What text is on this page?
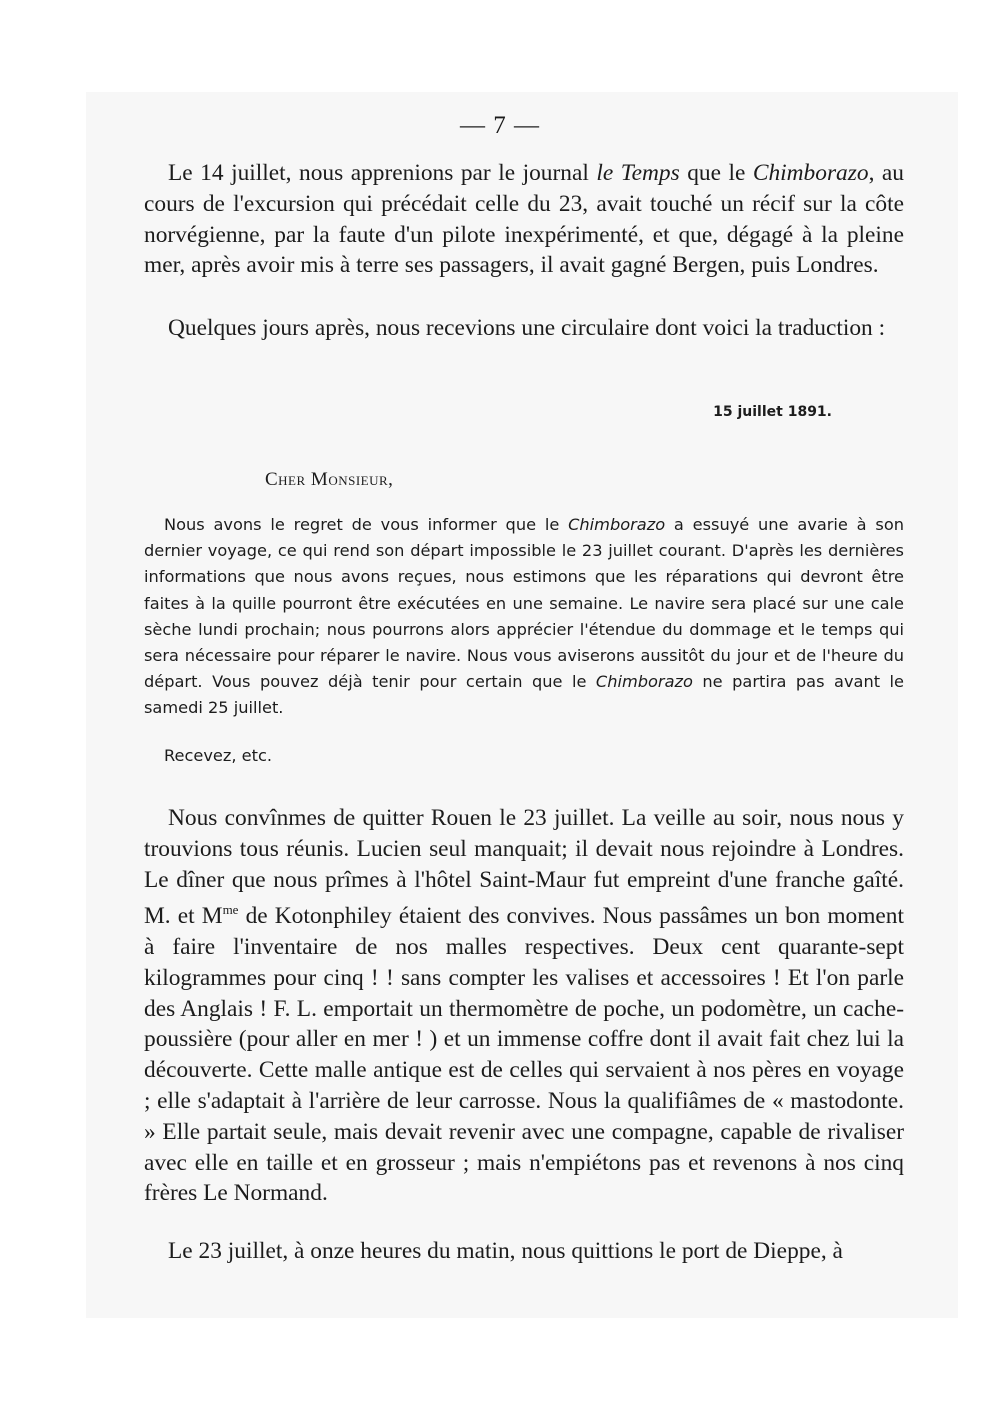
— 7 —

Le 14 juillet, nous apprenions par le journal le Temps que le Chimborazo, au cours de l'excursion qui précédait celle du 23, avait touché un récif sur la côte norvégienne, par la faute d'un pilote inexpérimenté, et que, dégagé à la pleine mer, après avoir mis à terre ses passagers, il avait gagné Bergen, puis Londres.

Quelques jours après, nous recevions une circulaire dont voici la traduction :

15 juillet 1891.
Cher Monsieur,

Nous avons le regret de vous informer que le Chimborazo a essuyé une avarie à son dernier voyage, ce qui rend son départ impossible le 23 juillet courant. D'après les dernières informations que nous avons reçues, nous estimons que les réparations qui devront être faites à la quille pourront être exécutées en une semaine. Le navire sera placé sur une cale sèche lundi prochain; nous pourrons alors apprécier l'étendue du dommage et le temps qui sera nécessaire pour réparer le navire. Nous vous aviserons aussitôt du jour et de l'heure du départ. Vous pouvez déjà tenir pour certain que le Chimborazo ne partira pas avant le samedi 25 juillet.

Recevez, etc.

Nous convînmes de quitter Rouen le 23 juillet. La veille au soir, nous nous y trouvions tous réunis. Lucien seul manquait; il devait nous rejoindre à Londres. Le dîner que nous prîmes à l'hôtel Saint-Maur fut empreint d'une franche gaîté. M. et $M^{me}$ de Kotonphiley étaient des convives. Nous passâmes un bon moment à faire l'inventaire de nos malles respectives. Deux cent quarante-sept kilogrammes pour cinq ! ! sans compter les valises et accessoires ! Et l'on parle des Anglais ! F. L. emportait un thermomètre de poche, un podomètre, un cache-poussière (pour aller en mer ! ) et un immense coffre dont il avait fait chez lui la découverte. Cette malle antique est de celles qui servaient à nos pères en voyage ; elle s'adaptait à l'arrière de leur carrosse. Nous la qualifiâmes de « mastodonte. » Elle partait seule, mais devait revenir avec une compagne, capable de rivaliser avec elle en taille et en grosseur ; mais n'empiétons pas et revenons à nos cinq frères Le Normand.

Le 23 juillet, à onze heures du matin, nous quittions le port de Dieppe, à
